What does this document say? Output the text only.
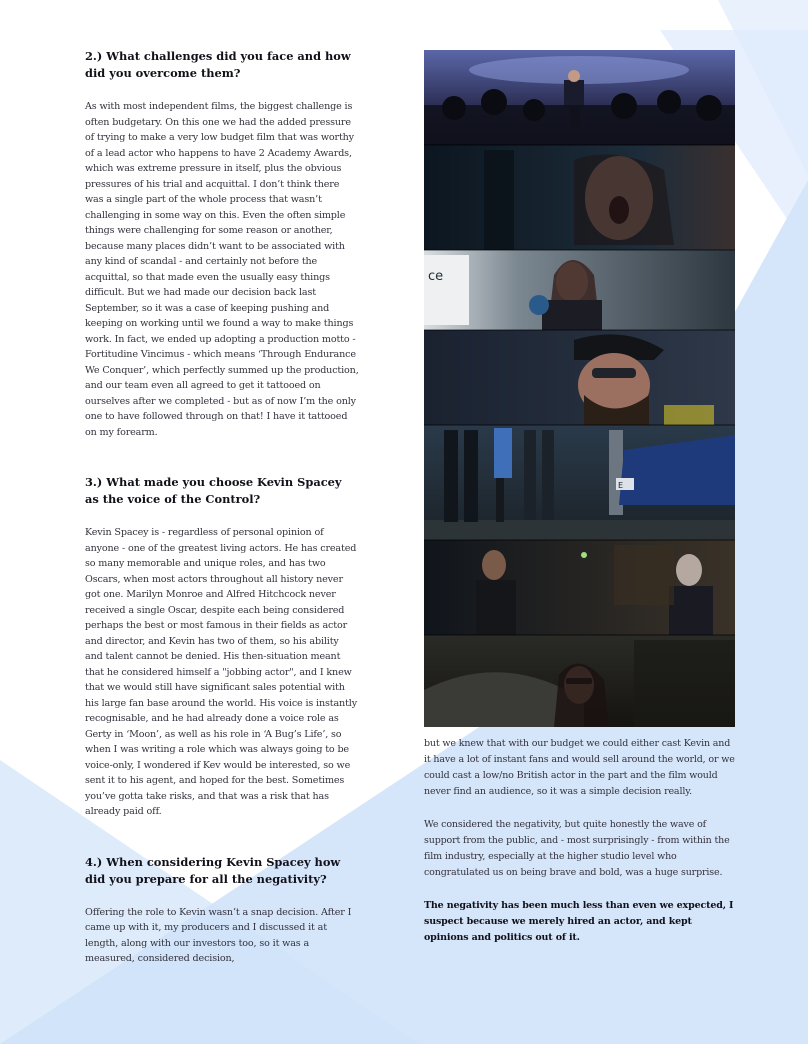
2.) What challenges did you face and how did you overcome them?

As with most independent films, the biggest challenge is often budgetary. On this one we had the added pressure of trying to make a very low budget film that was worthy of a lead actor who happens to have 2 Academy Awards, which was extreme pressure in itself, plus the obvious pressures of his trial and acquittal. I don’t think there was a single part of the whole process that wasn’t challenging in some way on this. Even the often simple things were challenging for some reason or another, because many places didn’t want to be associated with any kind of scandal - and certainly not before the acquittal, so that made even the usually easy things difficult. But we had made our decision back last September, so it was a case of keeping pushing and keeping on working until we found a way to make things work. In fact, we ended up adopting a production motto - Fortitudine Vincimus - which means ‘Through Endurance We Conquer’, which perfectly summed up the production, and our team even all agreed to get it tattooed on ourselves after we completed - but as of now I’m the only one to have followed through on that! I have it tattooed on my forearm.

3.) What made you choose Kevin Spacey as the voice of the Control?

Kevin Spacey is - regardless of personal opinion of anyone - one of the greatest living actors. He has created so many memorable and unique roles, and has two Oscars, when most actors throughout all history never got one. Marilyn Monroe and Alfred Hitchcock never received a single Oscar, despite each being considered perhaps the best or most famous in their fields as actor and director, and Kevin has two of them, so his ability and talent cannot be denied. His then-situation meant that he considered himself a "jobbing actor", and I knew that we would still have significant sales potential with his large fan base around the world. His voice is instantly recognisable, and he had already done a voice role as Gerty in ‘Moon’, as well as his role in ‘A Bug’s Life’, so when I was writing a role which was always going to be voice-only, I wondered if Kev would be interested, so we sent it to his agent, and hoped for the best. Sometimes you’ve gotta take risks, and that was a risk that has already paid off.

4.) When considering Kevin Spacey how did you prepare for all the negativity?

Offering the role to Kevin wasn’t a snap decision. After I came up with it, my producers and I discussed it at length, along with our investors too, so it was a measured, considered decision,

ce
E

but we knew that with our budget we could either cast Kevin and it have a lot of instant fans and would sell around the world, or we could cast a low/no British actor in the part and the film would never find an audience, so it was a simple decision really.

We considered the negativity, but quite honestly the wave of support from the public, and - most surprisingly - from within the film industry, especially at the higher studio level who congratulated us on being brave and bold, was a huge surprise.

The negativity has been much less than even we expected, I suspect because we merely hired an actor, and kept opinions and politics out of it.
